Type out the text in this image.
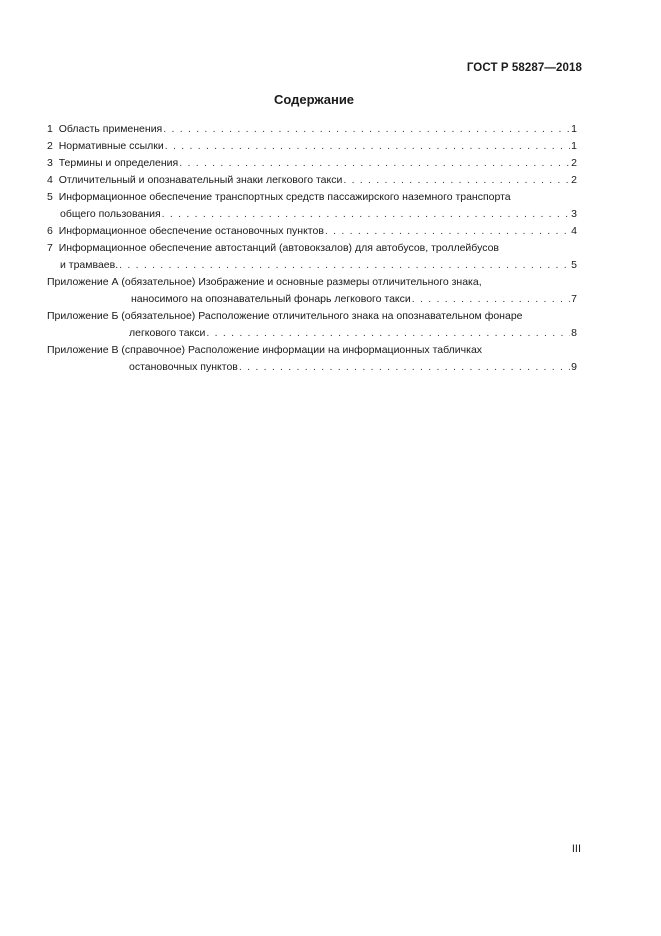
ГОСТ Р 58287—2018
Содержание
1 Область применения . . .	1
2 Нормативные ссылки . . .	1
3 Термины и определения . . .	2
4 Отличительный и опознавательный знаки легкового такси . . .	2
5 Информационное обеспечение транспортных средств пассажирского наземного транспорта
общего пользования . . .	3
6 Информационное обеспечение остановочных пунктов . . .	4
7 Информационное обеспечение автостанций (автовокзалов) для автобусов, троллейбусов
и трамваев. . . .	5
Приложение А (обязательное) Изображение и основные размеры отличительного знака,
наносимого на опознавательный фонарь легкового такси . . .	7
Приложение Б (обязательное) Расположение отличительного знака на опознавательном фонаре
легкового такси . . .	8
Приложение В (справочное) Расположение информации на информационных табличках
остановочных пунктов . . .	9
III
